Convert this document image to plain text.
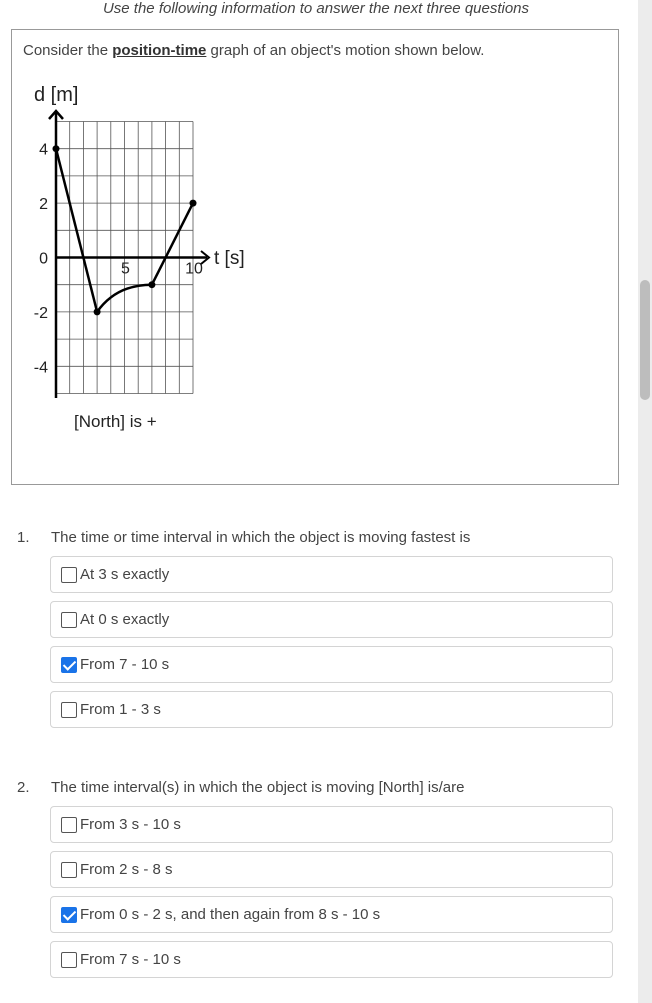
Use the following information to answer the next three questions
Consider the position-time graph of an object's motion shown below.
4
2
0
-2
-4
5	10
d [m]
t [s]
[North] is +
1. The time or time interval in which the object is moving fastest is
At 3 s exactly
At 0 s exactly
From 7 - 10 s
From 1 - 3 s
2. The time interval(s) in which the object is moving [North] is/are
From 3 s - 10 s
From 2 s - 8 s
From 0 s - 2 s, and then again from 8 s - 10 s
From 7 s - 10 s
